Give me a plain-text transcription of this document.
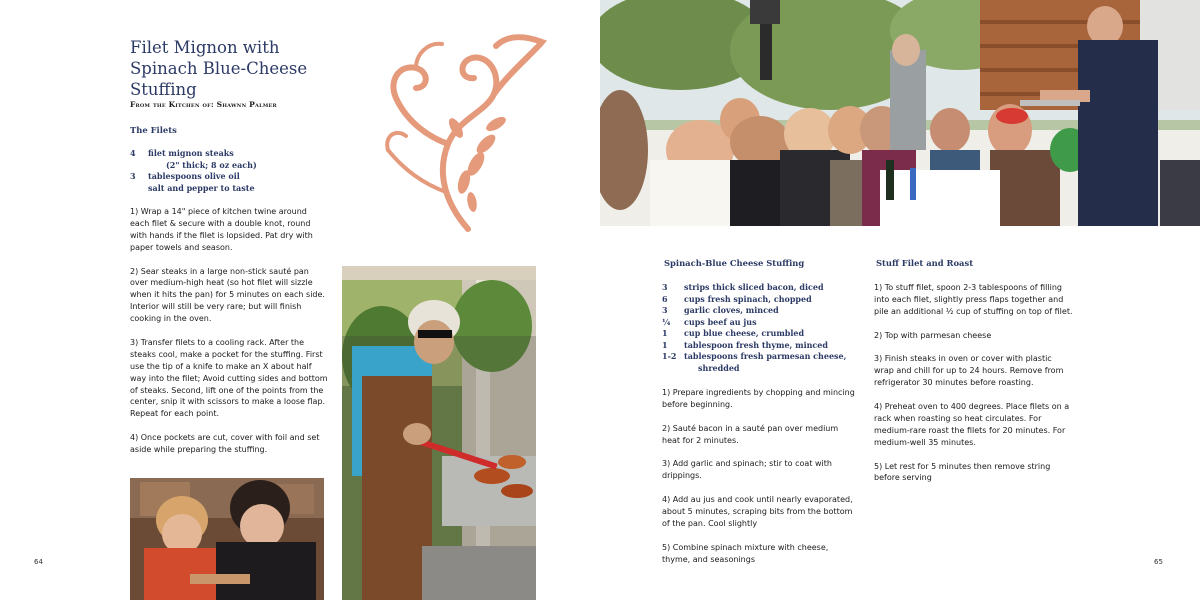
Filet Mignon with
Spinach Blue-Cheese
Stuffing
From the Kitchen of: Shawnn Palmer
The Filets
4	filet mignon steaks
(2" thick; 8 oz each)
3	tablespoons olive oil
salt and pepper to taste

1) Wrap a 14" piece of kitchen twine around each filet & secure with a double knot, round with hands if the filet is lopsided. Pat dry with paper towels and season.

2) Sear steaks in a large non-stick sauté pan over medium-high heat (so hot filet will sizzle when it hits the pan) for 5 minutes on each side. Interior will still be very rare; but will finish cooking in the oven.

3) Transfer filets to a cooling rack. After the steaks cool, make a pocket for the stuffing. First use the tip of a knife to make an X about half way into the filet; Avoid cutting sides and bottom of steaks. Second, lift one of the points from the center, snip it with scissors to make a loose flap. Repeat for each point.

4) Once pockets are cut, cover with foil and set aside while preparing the stuffing.

64
Spinach-Blue Cheese Stuffing
3	strips thick sliced bacon, diced
6	cups fresh spinach, chopped
3	garlic cloves, minced
¼	cups beef au jus
1	cup blue cheese, crumbled
1	tablespoon fresh thyme, minced
1-2 tablespoons fresh parmesan cheese,
shredded

1) Prepare ingredients by chopping and mincing before beginning.

2) Sauté bacon in a sauté pan over medium heat for 2 minutes.

3) Add garlic and spinach; stir to coat with drippings.

4) Add au jus and cook until nearly evaporated, about 5 minutes, scraping bits from the bottom of the pan. Cool slightly

5) Combine spinach mixture with cheese, thyme, and seasonings

Stuff Filet and Roast

1) To stuff filet, spoon 2-3 tablespoons of filling into each filet, slightly press flaps together and pile an additional ½ cup of stuffing on top of filet.

2) Top with parmesan cheese

3) Finish steaks in oven or cover with plastic wrap and chill for up to 24 hours. Remove from refrigerator 30 minutes before roasting.

4) Preheat oven to 400 degrees. Place filets on a rack when roasting so heat circulates. For medium-rare roast the filets for 20 minutes. For medium-well 35 minutes.

5) Let rest for 5 minutes then remove string before serving

65
